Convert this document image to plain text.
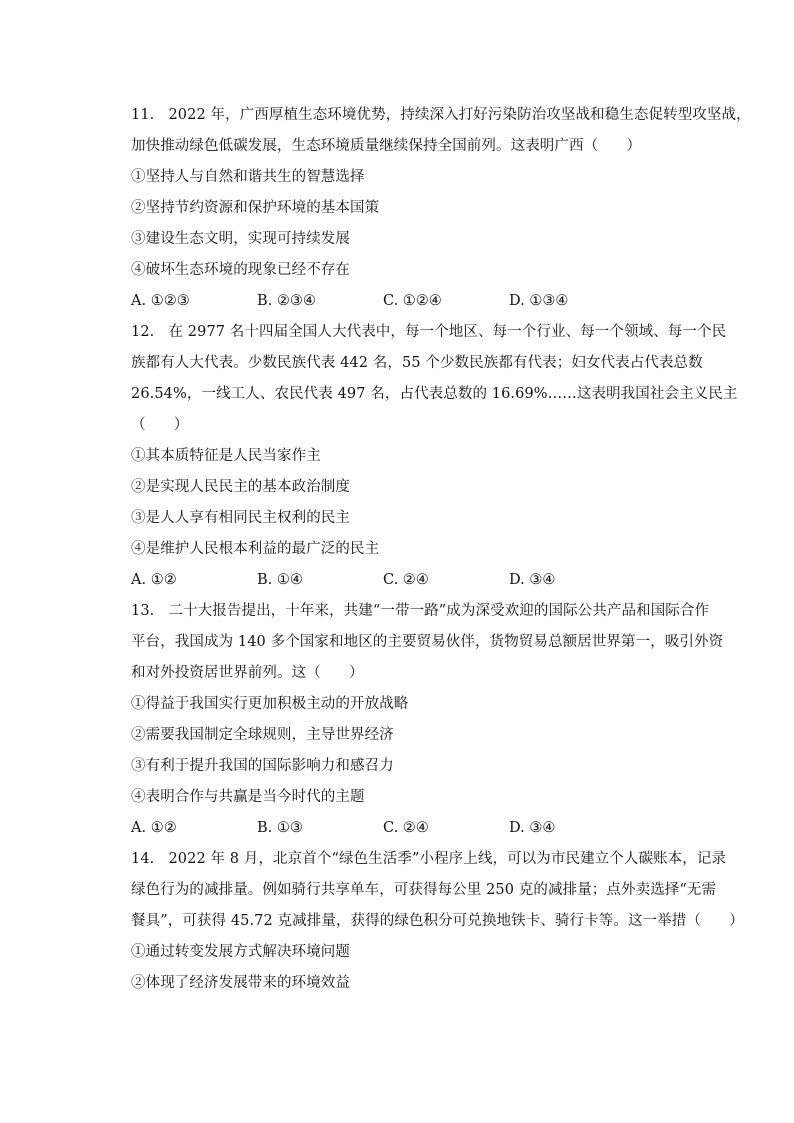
11.   2022 年，广西厚植生态环境优势，持续深入打好污染防治攻坚战和稳生态促转型攻坚战，
加快推动绿色低碳发展，生态环境质量继续保持全国前列。这表明广西（      ）
①坚持人与自然和谐共生的智慧选择
②坚持节约资源和保护环境的基本国策
③建设生态文明，实现可持续发展
④破坏生态环境的现象已经不存在
A. ①②③	B. ②③④	C. ①②④	D. ①③④
12.   在 2977 名十四届全国人大代表中，每一个地区、每一个行业、每一个领域、每一个民
族都有人大代表。少数民族代表 442 名，55 个少数民族都有代表；妇女代表占代表总数
26.54%，一线工人、农民代表 497 名，占代表总数的 16.69%……这表明我国社会主义民主
（      ）
①其本质特征是人民当家作主
②是实现人民民主的基本政治制度
③是人人享有相同民主权利的民主
④是维护人民根本利益的最广泛的民主
A. ①②	B. ①④	C. ②④	D. ③④
13.   二十大报告提出，十年来，共建“一带一路”成为深受欢迎的国际公共产品和国际合作
平台，我国成为 140 多个国家和地区的主要贸易伙伴，货物贸易总额居世界第一，吸引外资
和对外投资居世界前列。这（      ）
①得益于我国实行更加积极主动的开放战略
②需要我国制定全球规则，主导世界经济
③有利于提升我国的国际影响力和感召力
④表明合作与共赢是当今时代的主题
A. ①②	B. ①③	C. ②④	D. ③④
14.   2022 年 8 月，北京首个“绿色生活季”小程序上线，可以为市民建立个人碳账本，记录
绿色行为的减排量。例如骑行共享单车，可获得每公里 250 克的减排量；点外卖选择“无需
餐具”，可获得 45.72 克减排量，获得的绿色积分可兑换地铁卡、骑行卡等。这一举措（      ）
①通过转变发展方式解决环境问题
②体现了经济发展带来的环境效益
